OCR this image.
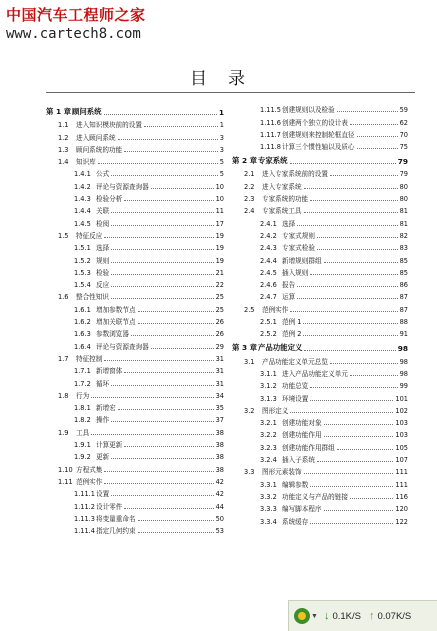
中国汽车工程师之家
www.cartech8.com
目　录
第 1 章 顾问系统	1
1.1	进入知识模块前的设置	1
1.2	进入顾问系统	3
1.3	顾问系统的功能	3
1.4	知识库	5
1.4.1 公式	5
1.4.2 评论与资源查询器	10
1.4.3 检验分析	10
1.4.4 关联	11
1.4.5 检阅	17
1.5	特征反应	19
1.5.1 选择	19
1.5.2 规则	19
1.5.3 检验	21
1.5.4 反应	22
1.6	整合性知识	25
1.6.1 增加参数节点	25
1.6.2 增加关联节点	26
1.6.3 参数浏览器	26
1.6.4 评论与资源查询器	29
1.7	特征控制	31
1.7.1 新增窗体	31
1.7.2 循环	31
1.8	行为	34
1.8.1 新增宏	35
1.8.2 操作	37
1.9	工具	38
1.9.1 计算更新	38
1.9.2 更新	38
1.10 方程式集	38
1.11 范例实作	42
1.11.1 设置	42
1.11.2 设计零件	44
1.11.3 将变量重命名	50
1.11.4 指定几何约束	53
1.11.5 创建规则以及检验	59
1.11.6 创建两个独立的设计表	62
1.11.7 创建规则来控制轮框直径	70
1.11.8 计算三个惯性轴以及质心	75
第 2 章 专家系统	79
2.1	进入专家系统前的设置	79
2.2	进入专家系统	80
2.3	专家系统的功能	80
2.4	专家系统工具	81
2.4.1 选择	81
2.4.2 专家式规则	82
2.4.3 专家式检验	83
2.4.4 新增规则群组	85
2.4.5 插入规则	85
2.4.6 报告	86
2.4.7 运算	87
2.5	范例实作	87
2.5.1 范例 1	88
2.5.2 范例 2	91
第 3 章 产品功能定义	98
3.1	产品功能定义单元总览	98
3.1.1 进入产品功能定义单元	98
3.1.2 功能总览	99
3.1.3 环境设置	101
3.2	图形定义	102
3.2.1 创建功能对象	103
3.2.2 创建功能作用	103
3.2.3 创建功能作用群组	105
3.2.4 插入子系统	107
3.3	图形元素装饰	111
3.3.1 编辑参数	111
3.3.2 功能定义与产品的链接	116
3.3.3 编写脚本程序	120
3.3.4 系统缓存	122
▼ ↓ 0.1K/S ↑ 0.07K/S
